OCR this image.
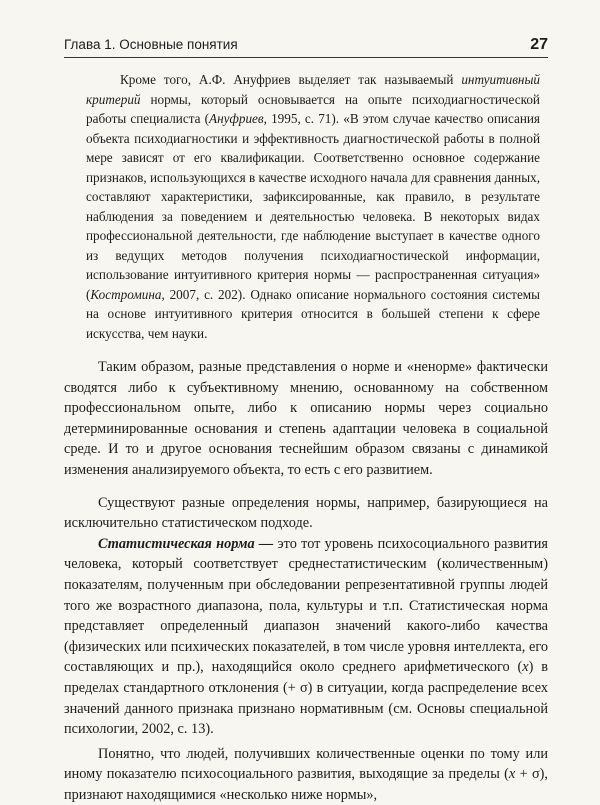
Глава 1. Основные понятия	27

Кроме того, А.Ф. Ануфриев выделяет так называемый интуитивный критерий нормы, который основывается на опыте психодиагностической работы специалиста (Ануфриев, 1995, с. 71). «В этом случае качество описания объекта психодиагностики и эффективность диагностической работы в полной мере зависят от его квалификации. Соответственно основное содержание признаков, использующихся в качестве исходного начала для сравнения данных, составляют характеристики, зафиксированные, как правило, в результате наблюдения за поведением и деятельностью человека. В некоторых видах профессиональной деятельности, где наблюдение выступает в качестве одного из ведущих методов получения психодиагностической информации, использование интуитивного критерия нормы — распространенная ситуация» (Костромина, 2007, с. 202). Однако описание нормального состояния системы на основе интуитивного критерия относится в большей степени к сфере искусства, чем науки.

Таким образом, разные представления о норме и «ненорме» фактически сводятся либо к субъективному мнению, основанному на собственном профессиональном опыте, либо к описанию нормы через социально детерминированные основания и степень адаптации человека в социальной среде. И то и другое основания теснейшим образом связаны с динамикой изменения анализируемого объекта, то есть с его развитием.

Существуют разные определения нормы, например, базирующиеся на исключительно статистическом подходе.

Статистическая норма — это тот уровень психосоциального развития человека, который соответствует среднестатистическим (количественным) показателям, полученным при обследовании репрезентативной группы людей того же возрастного диапазона, пола, культуры и т.п. Статистическая норма представляет определенный диапазон значений какого-либо качества (физических или психических показателей, в том числе уровня интеллекта, его составляющих и пр.), находящийся около среднего арифметического (x) в пределах стандартного отклонения (+ σ) в ситуации, когда распределение всех значений данного признака признано нормативным (см. Основы специальной психологии, 2002, с. 13).

Понятно, что людей, получивших количественные оценки по тому или иному показателю психосоциального развития, выходящие за пределы (x + σ), признают находящимися «несколько ниже нормы»,
